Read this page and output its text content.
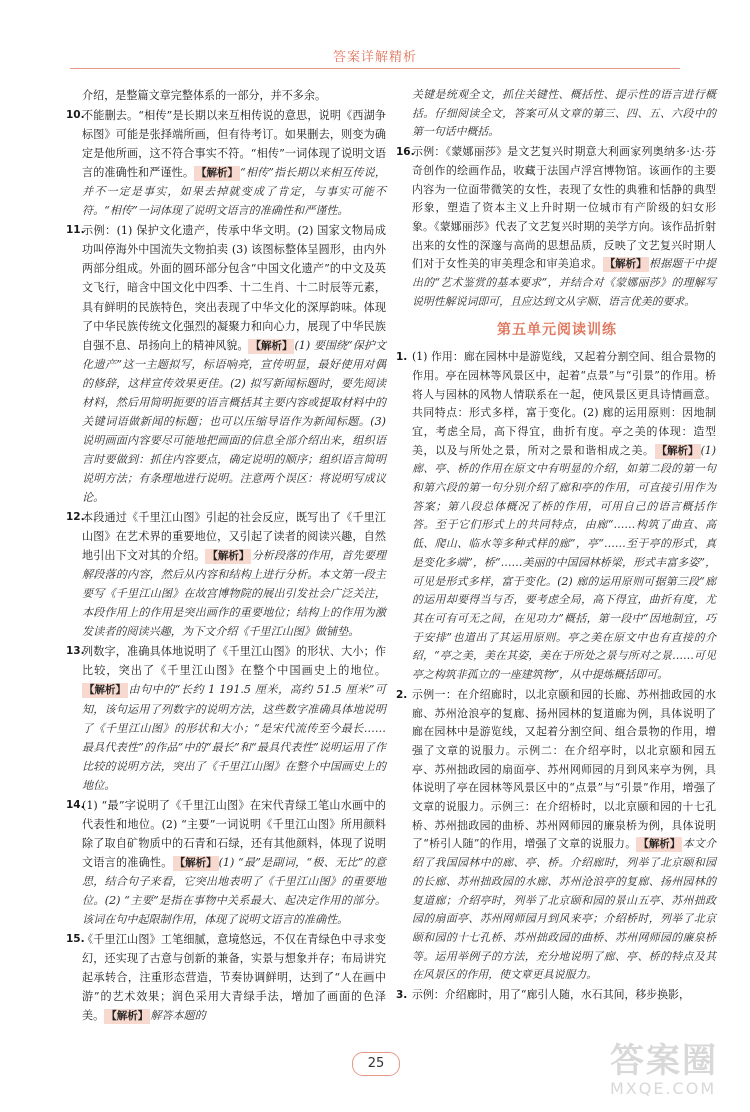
答案详解精析
介绍，是整篇文章完整体系的一部分，并不多余。
10.
不能删去。“相传”是长期以来互相传说的意思，说明《西湖争标图》可能是张择端所画，但有待考订。如果删去，则变为确定是他所画，这不符合事实不符。“相传”一词体现了说明文语言的准确性和严谨性。 【解析】 “相传”指长期以来相互传说，并不一定是事实，如果去掉就变成了肯定，与事实可能不符。“相传”一词体现了说明文语言的准确性和严谨性。
11.
示例：(1) 保护文化遗产，传承中华文明。(2) 国家文物局成功叫停海外中国流失文物拍卖 (3) 该图标整体呈圆形，由内外两部分组成。外面的圆环部分包含“中国文化遗产”的中文及英文飞行，暗含中国文化中四季、十二生肖、十二时辰等元素，具有鲜明的民族特色，突出表现了中华文化的深厚韵味。体现了中华民族传统文化强烈的凝聚力和向心力，展现了中华民族自强不息、昂扬向上的精神风貌。 【解析】 (1) 要围绕“保护文化遗产”这一主题拟写，标语响亮，宣传明显，最好使用对偶的修辞，这样宣传效果更佳。(2) 拟写新闻标题时，要先阅读材料，然后用简明扼要的语言概括其主要内容或提取材料中的关键词语做新闻的标题；也可以压缩导语作为新闻标题。(3) 说明画面内容要尽可能地把画面的信息全部介绍出来，组织语言时要做到：抓住内容要点，确定说明的顺序；组织语言简明说明方法；有条理地进行说明。注意两个误区：将说明写成议论。
12.
本段通过《千里江山图》引起的社会反应，既写出了《千里江山图》在艺术界的重要地位，又引起了读者的阅读兴趣，自然地引出下文对其的介绍。 【解析】 分析段落的作用，首先要理解段落的内容，然后从内容和结构上进行分析。本文第一段主要写《千里江山图》在故宫博物院的展出引发社会广泛关注，本段作用上的作用是突出画作的重要地位；结构上的作用为激发读者的阅读兴趣，为下文介绍《千里江山图》做铺垫。
13.
列数字，准确具体地说明了《千里江山图》的形状、大小；作比较，突出了《千里江山图》在整个中国画史上的地位。【解析】 由句中的“长约 1 191.5 厘米，高约 51.5 厘米”可知，该句运用了列数字的说明方法，这些数字准确具体地说明了《千里江山图》的形状和大小；“是宋代流传至今最长……最具代表性”的作品”中的“最长”和“最具代表性”说明运用了作比较的说明方法，突出了《千里江山图》在整个中国画史上的地位。
14.
(1) “最”字说明了《千里江山图》在宋代青绿工笔山水画中的代表性和地位。(2) “主要”一词说明《千里江山图》所用颜料除了取自矿物质中的石青和石绿，还有其他颜料，体现了说明文语言的准确性。 【解析】 (1) “最”是副词，“极、无比”的意思，结合句子来看，它突出地表明了《千里江山图》的重要地位。(2) “主要”是指在事物中关系最大、起决定作用的部分。该词在句中起限制作用，体现了说明文语言的准确性。
15.
《千里江山图》工笔细腻，意境悠远，不仅在青绿色中寻求变幻，还实现了古意与创新的兼备，实景与想象并存；布局讲究起承转合，注重形态营造，节奏协调鲜明，达到了“人在画中游”的艺术效果；润色采用大青绿手法，增加了画面的色泽美。 【解析】 解答本题的
关键是统观全文，抓住关键性、概括性、提示性的语言进行概括。仔细阅读全文，答案可从文章的第三、四、五、六段中的第一句话中概括。
16.
示例：《蒙娜丽莎》是文艺复兴时期意大利画家列奥纳多·达·芬奇创作的绘画作品，收藏于法国卢浮宫博物馆。该画作的主要内容为一位面带微笑的女性，表现了女性的典雅和恬静的典型形象，塑造了资本主义上升时期一位城市有产阶级的妇女形象。《蒙娜丽莎》代表了文艺复兴时期的美学方向。该作品折射出来的女性的深邃与高尚的思想品质，反映了文艺复兴时期人们对于女性美的审美理念和审美追求。 【解析】 根据题干中提出的“艺术鉴赏的基本要求”，并结合对《蒙娜丽莎》的理解写说明性解说词即可，且应达到文从字顺、语言优美的要求。
第五单元阅读训练
1. (1) 作用：廊在园林中是游览线，又起着分割空间、组合景物的作用。亭在园林等风景区中，起着“点景”与“引景”的作用。桥将人与园林的风物人情联系在一起，使风景区更具诗情画意。共同特点：形式多样，富于变化。(2) 廊的运用原则：因地制宜，考虑全局，高下得宜，曲折有度。亭之美的体现：造型美，以及与所处之景，所对之景和谐相成之美。 【解析】 (1) 廊、亭、桥的作用在原文中有明显的介绍，如第二段的第一句和第六段的第一句分别介绍了廊和亭的作用，可直接引用作为答案；第八段总体概况了桥的作用，可用自己的语言概括作答。至于它们形式上的共同特点，由廊“……构筑了曲直、高低、爬山、临水等多种式样的廊”，亭“……至于亭的形式，真是变化多端”，桥“……美丽的中国园林桥梁，形式丰富多姿”，可见是形式多样，富于变化。(2) 廊的运用原则可据第三段“廊的运用却要得当与否，要考虑全局，高下得宜，曲折有度，尤其在可有可无之间，在见功力”概括，第一段中“因地制宜，巧于安排”也道出了其运用原则。亭之美在原文中也有直接的介绍，“亭之美，美在其姿，美在于所处之景与所对之景……可见亭之构筑非孤立的一座建筑物”，从中提炼概括即可。
2. 示例一：在介绍廊时，以北京颐和园的长廊、苏州拙政园的水廊、苏州沧浪亭的复廊、扬州园林的复道廊为例，具体说明了廊在园林中是游览线，又起着分割空间、组合景物的作用，增强了文章的说服力。示例二：在介绍亭时，以北京颐和园五亭、苏州拙政园的扇面亭、苏州网师园的月到风来亭为例，具体说明了亭在园林等风景区中的“点景”与“引景”作用，增强了文章的说服力。示例三：在介绍桥时，以北京颐和园的十七孔桥、苏州拙政园的曲桥、苏州网师园的廉泉桥为例，具体说明了“桥引人随”的作用，增强了文章的说服力。 【解析】 本文介绍了我国园林中的廊、亭、桥。介绍廊时，列举了北京颐和园的长廊、苏州拙政园的水廊、苏州沧浪亭的复廊、扬州园林的复道廊；介绍亭时，列举了北京颐和园的景山五亭、苏州拙政园的扇面亭、苏州网师园月到风来亭；介绍桥时，列举了北京颐和园的十七孔桥、苏州拙政园的曲桥、苏州网师园的廉泉桥等。运用举例子的方法，充分地说明了廊、亭、桥的特点及其在风景区的作用，使文章更具说服力。
3. 示例：介绍廊时，用了“廊引人随，水石其间，移步换影，
25	答案圈
MXQE.COM
